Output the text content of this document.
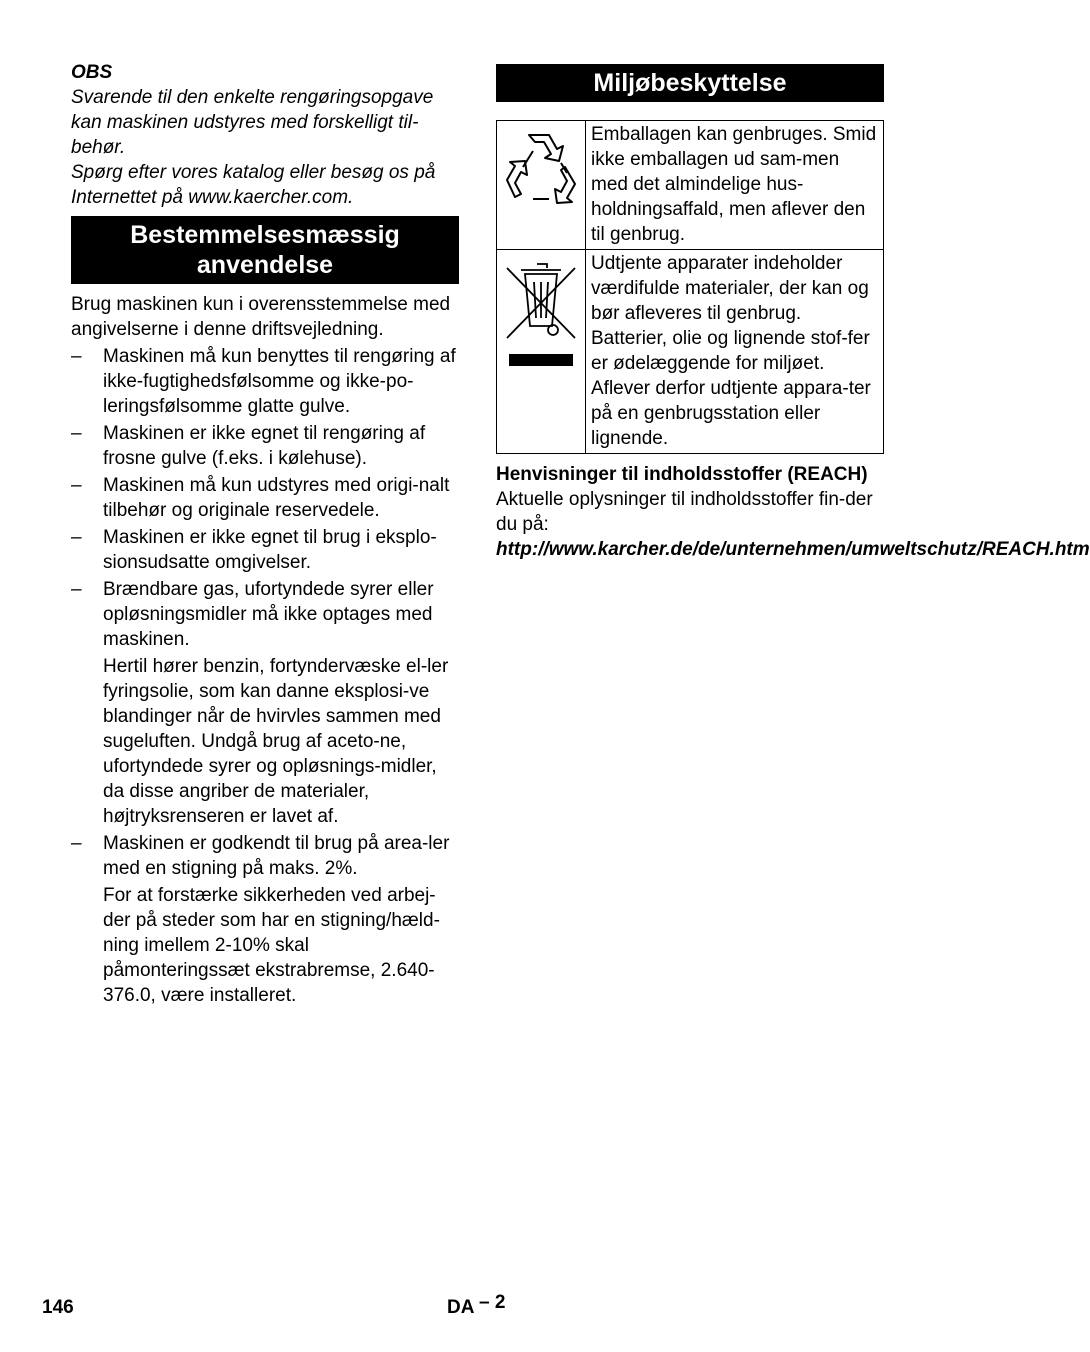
OBS

Svarende til den enkelte rengøringsopgave kan maskinen udstyres med forskelligt til-behør.

Spørg efter vores katalog eller besøg os på Internettet på www.kaercher.com.

Bestemmelsesmæssig anvendelse

Brug maskinen kun i overensstemmelse med angivelserne i denne driftsvejledning.

– Maskinen må kun benyttes til rengøring af ikke-fugtighedsfølsomme og ikke-po-leringsfølsomme glatte gulve.
– Maskinen er ikke egnet til rengøring af frosne gulve (f.eks. i kølehuse).
– Maskinen må kun udstyres med origi-nalt tilbehør og originale reservedele.
– Maskinen er ikke egnet til brug i eksplo-sionsudsatte omgivelser.
– Brændbare gas, ufortyndede syrer eller opløsningsmidler må ikke optages med maskinen.
Hertil hører benzin, fortyndervæske el-ler fyringsolie, som kan danne eksplosi-ve blandinger når de hvirvles sammen med sugeluften. Undgå brug af aceto-ne, ufortyndede syrer og opløsnings-midler, da disse angriber de materialer, højtryksrenseren er lavet af.
– Maskinen er godkendt til brug på area-ler med en stigning på maks. 2%.
For at forstærke sikkerheden ved arbej-der på steder som har en stigning/hæld-ning imellem 2-10% skal påmonteringssæt ekstrabremse, 2.640-376.0, være installeret.
Miljøbeskyttelse
	Emballagen kan genbruges. Smid ikke emballagen ud sam-men med det almindelige hus-holdningsaffald, men aflever den til genbrug.

	Udtjente apparater indeholder værdifulde materialer, der kan og bør afleveres til genbrug. Batterier, olie og lignende stof-fer er ødelæggende for miljøet. Aflever derfor udtjente appara-ter på en genbrugsstation eller lignende.

Henvisninger til indholdsstoffer (REACH)

Aktuelle oplysninger til indholdsstoffer fin-der du på:

http://www.karcher.de/de/unternehmen/umweltschutz/REACH.htm

146	DA – 2
